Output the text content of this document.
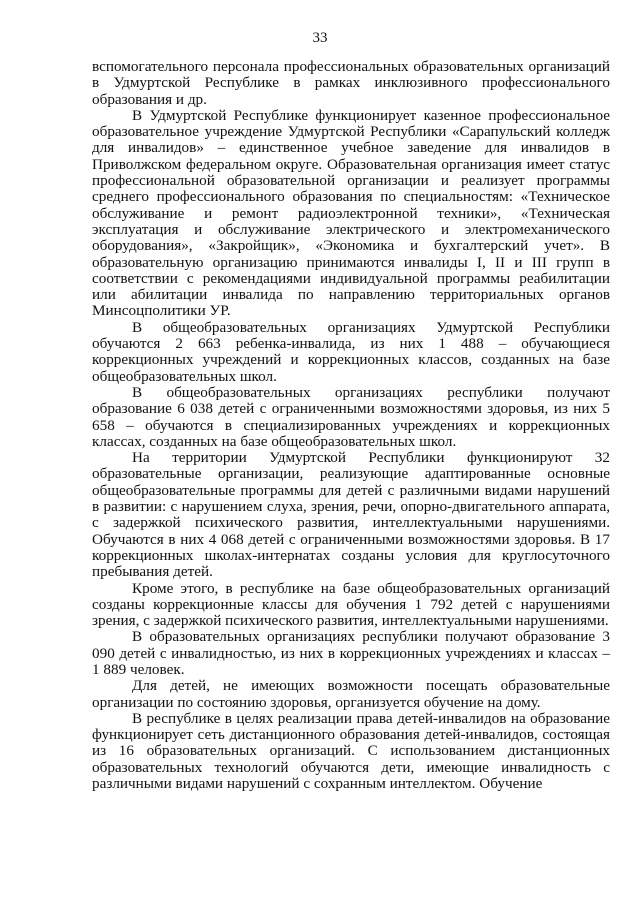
33

вспомогательного персонала профессиональных образовательных организаций в Удмуртской Республике в рамках инклюзивного профессионального образования и др.

В Удмуртской Республике функционирует казенное профессиональное образовательное учреждение Удмуртской Республики «Сарапульский колледж для инвалидов» – единственное учебное заведение для инвалидов в Приволжском федеральном округе. Образовательная организация имеет статус профессиональной образовательной организации и реализует программы среднего профессионального образования по специальностям: «Техническое обслуживание и ремонт радиоэлектронной техники», «Техническая эксплуатация и обслуживание электрического и электромеханического оборудования», «Закройщик», «Экономика и бухгалтерский учет». В образовательную организацию принимаются инвалиды I, II и III групп в соответствии с рекомендациями индивидуальной программы реабилитации или абилитации инвалида по направлению территориальных органов Минсоцполитики УР.

В общеобразовательных организациях Удмуртской Республики обучаются 2 663 ребенка-инвалида, из них 1 488 – обучающиеся коррекционных учреждений и коррекционных классов, созданных на базе общеобразовательных школ.

В общеобразовательных организациях республики получают образование 6 038 детей с ограниченными возможностями здоровья, из них 5 658 – обучаются в специализированных учреждениях и коррекционных классах, созданных на базе общеобразовательных школ.

На территории Удмуртской Республики функционируют 32 образовательные организации, реализующие адаптированные основные общеобразовательные программы для детей с различными видами нарушений в развитии: с нарушением слуха, зрения, речи, опорно-двигательного аппарата, с задержкой психического развития, интеллектуальными нарушениями. Обучаются в них 4 068 детей с ограниченными возможностями здоровья. В 17 коррекционных школах-интернатах созданы условия для круглосуточного пребывания детей.

Кроме этого, в республике на базе общеобразовательных организаций созданы коррекционные классы для обучения 1 792 детей с нарушениями зрения, с задержкой психического развития, интеллектуальными нарушениями.

В образовательных организациях республики получают образование 3 090 детей с инвалидностью, из них в коррекционных учреждениях и классах – 1 889 человек.

Для детей, не имеющих возможности посещать образовательные организации по состоянию здоровья, организуется обучение на дому.

В республике в целях реализации права детей-инвалидов на образование функционирует сеть дистанционного образования детей-инвалидов, состоящая из 16 образовательных организаций. С использованием дистанционных образовательных технологий обучаются дети, имеющие инвалидность с различными видами нарушений с сохранным интеллектом. Обучение
